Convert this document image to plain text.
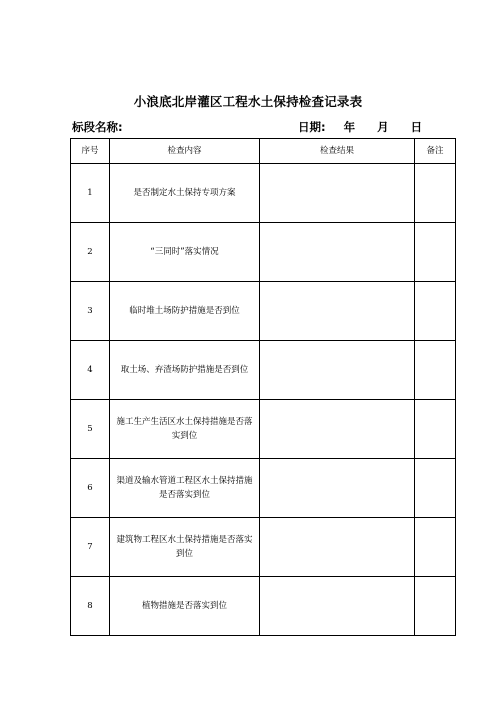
小浪底北岸灌区工程水土保持检查记录表
标段名称:	日期: 年 月 日
序号	检查内容	检查结果	备注
1	是否制定水土保持专项方案		
2	“三同时”落实情况		
3	临时堆土场防护措施是否到位		
4	取土场、弃渣场防护措施是否到位		
5	施工生产生活区水土保持措施是否落实到位		
6	渠道及输水管道工程区水土保持措施是否落实到位		
7	建筑物工程区水土保持措施是否落实到位		
8	植物措施是否落实到位		
